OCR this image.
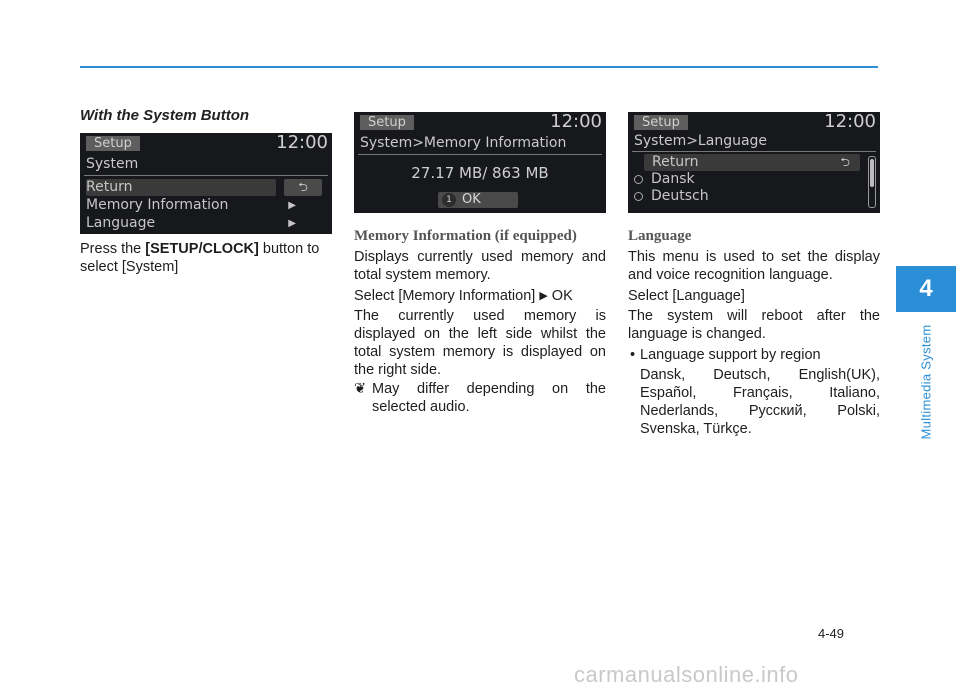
4
Multimedia System
With the System Button
Setup	12:00
System
Return	⮌
Memory Information	▶
Language	▶
Press the [SETUP/CLOCK] button to select [System]
Setup	12:00
System>Memory Information
27.17 MB/ 863 MB
1 OK
Memory Information (if equipped)
Displays currently used memory and total system memory.
Select [Memory Information] ▶ OK
The currently used memory is displayed on the left side whilst the total system memory is displayed on the right side.
❦ May differ depending on the selected audio.
Setup	12:00
System>Language
Return	⮌
Dansk
Deutsch
Language
This menu is used to set the display and voice recognition language.
Select [Language]
The system will reboot after the language is changed.
• Language support by region
Dansk, Deutsch, English(UK), Español, Français, Italiano, Nederlands, Русский, Polski, Svenska, Türkçe.
4-49
carmanualsonline.info
